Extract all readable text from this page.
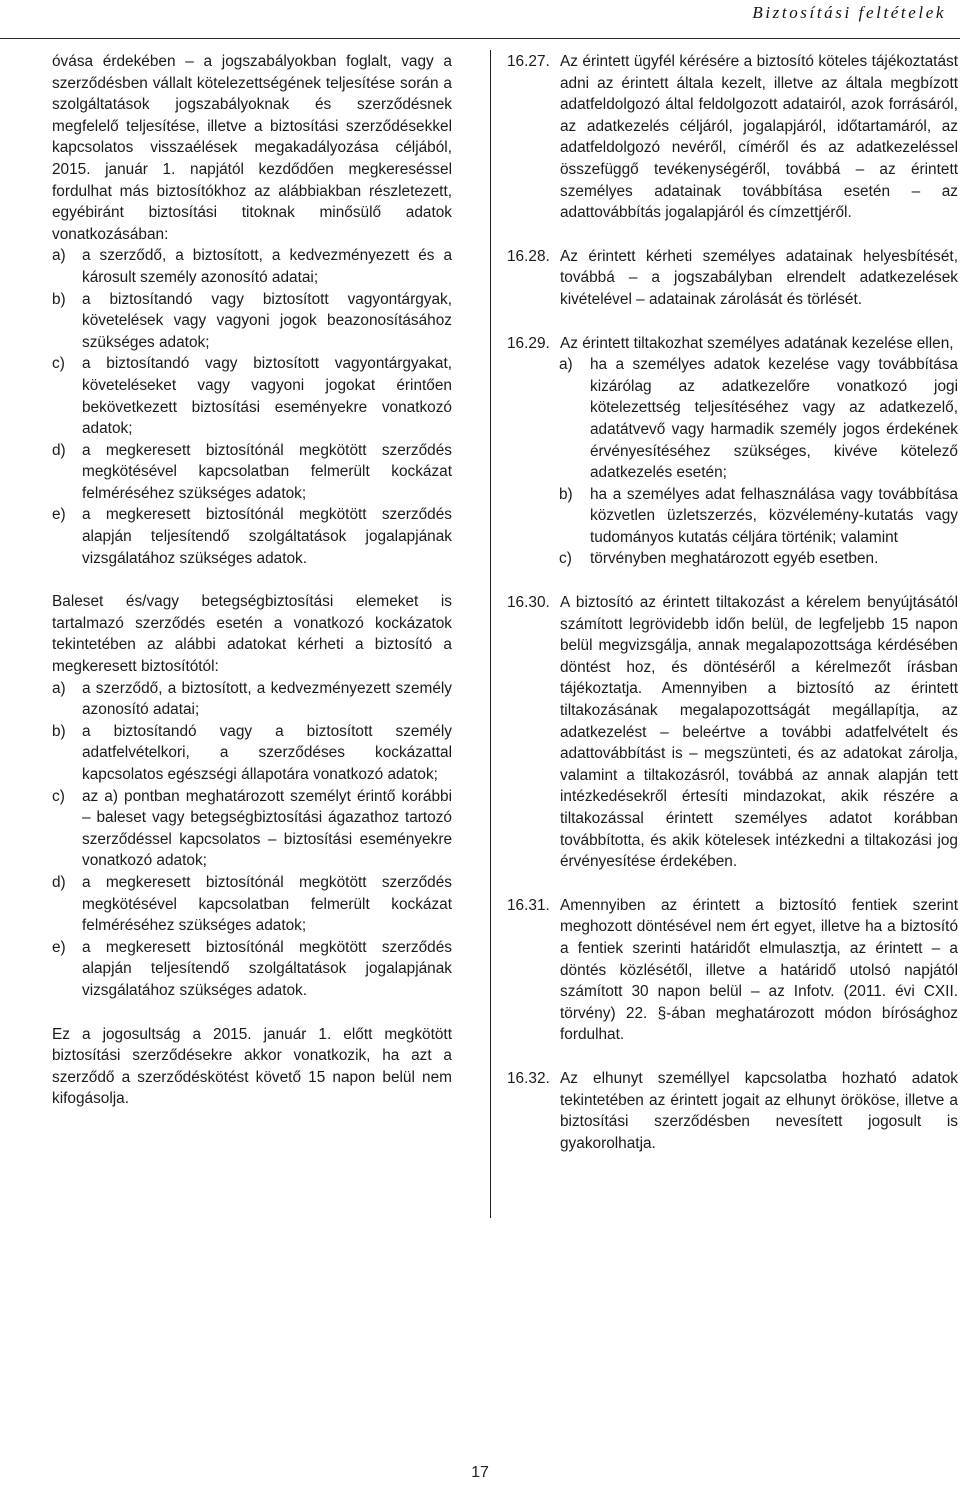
Biztosítási feltételek

óvása érdekében – a jogszabályokban foglalt, vagy a szerződésben vállalt kötelezettségének teljesítése során a szolgáltatások jogszabályoknak és szerződésnek megfelelő teljesítése, illetve a biztosítási szerződésekkel kapcsolatos visszaélések megakadályozása céljából, 2015. január 1. napjától kezdődően megkereséssel fordulhat más biztosítókhoz az alábbiakban részletezett, egyébiránt biztosítási titoknak minősülő adatok vonatkozásában:

a)	a szerződő, a biztosított, a kedvezményezett és a károsult személy azonosító adatai;
b)	a biztosítandó vagy biztosított vagyontárgyak, követelések vagy vagyoni jogok beazonosításához szükséges adatok;
c)	a biztosítandó vagy biztosított vagyontárgyakat, követeléseket vagy vagyoni jogokat érintően bekövetkezett biztosítási eseményekre vonatkozó adatok;
d)	a megkeresett biztosítónál megkötött szerződés megkötésével kapcsolatban felmerült kockázat felméréséhez szükséges adatok;
e)	a megkeresett biztosítónál megkötött szerződés alapján teljesítendő szolgáltatások jogalapjának vizsgálatához szükséges adatok.

Baleset és/vagy betegségbiztosítási elemeket is tartalmazó szerződés esetén a vonatkozó kockázatok tekintetében az alábbi adatokat kérheti a biztosító a megkeresett biztosítótól:

a)	a szerződő, a biztosított, a kedvezményezett személy azonosító adatai;
b)	a biztosítandó vagy a biztosított személy adatfelvételkori, a szerződéses kockázattal kapcsolatos egészségi állapotára vonatkozó adatok;
c)	az a) pontban meghatározott személyt érintő korábbi – baleset vagy betegségbiztosítási ágazathoz tartozó szerződéssel kapcsolatos – biztosítási eseményekre vonatkozó adatok;
d)	a megkeresett biztosítónál megkötött szerződés megkötésével kapcsolatban felmerült kockázat felméréséhez szükséges adatok;
e)	a megkeresett biztosítónál megkötött szerződés alapján teljesítendő szolgáltatások jogalapjának vizsgálatához szükséges adatok.

Ez a jogosultság a 2015. január 1. előtt megkötött biztosítási szerződésekre akkor vonatkozik, ha azt a szerződő a szerződéskötést követő 15 napon belül nem kifogásolja.

16.27. Az érintett ügyfél kérésére a biztosító köteles tájékoztatást adni az érintett általa kezelt, illetve az általa megbízott adatfeldolgozó által feldolgozott adatairól, azok forrásáról, az adatkezelés céljáról, jogalapjáról, időtartamáról, az adatfeldolgozó nevéről, címéről és az adatkezeléssel összefüggő tevékenységéről, továbbá – az érintett személyes adatainak továbbítása esetén – az adattovábbítás jogalapjáról és címzettjéről.
16.28. Az érintett kérheti személyes adatainak helyesbítését, továbbá – a jogszabályban elrendelt adatkezelések kivételével – adatainak zárolását és törlését.
16.29. Az érintett tiltakozhat személyes adatának kezelése ellen,
a)	ha a személyes adatok kezelése vagy továbbítása kizárólag az adatkezelőre vonatkozó jogi kötelezettség teljesítéséhez vagy az adatkezelő, adatátvevő vagy harmadik személy jogos érdekének érvényesítéséhez szükséges, kivéve kötelező adatkezelés esetén;
b)	ha a személyes adat felhasználása vagy továbbítása közvetlen üzletszerzés, közvélemény-kutatás vagy tudományos kutatás céljára történik; valamint
c)	törvényben meghatározott egyéb esetben.
16.30. A biztosító az érintett tiltakozást a kérelem benyújtásától számított legrövidebb időn belül, de legfeljebb 15 napon belül megvizsgálja, annak megalapozottsága kérdésében döntést hoz, és döntéséről a kérelmezőt írásban tájékoztatja. Amennyiben a biztosító az érintett tiltakozásának megalapozottságát megállapítja, az adatkezelést – beleértve a további adatfelvételt és adattovábbítást is – megszünteti, és az adatokat zárolja, valamint a tiltakozásról, továbbá az annak alapján tett intézkedésekről értesíti mindazokat, akik részére a tiltakozással érintett személyes adatot korábban továbbította, és akik kötelesek intézkedni a tiltakozási jog érvényesítése érdekében.
16.31. Amennyiben az érintett a biztosító fentiek szerint meghozott döntésével nem ért egyet, illetve ha a biztosító a fentiek szerinti határidőt elmulasztja, az érintett – a döntés közlésétől, illetve a határidő utolsó napjától számított 30 napon belül – az Infotv. (2011. évi CXII. törvény) 22. §-ában meghatározott módon bírósághoz fordulhat.
16.32. Az elhunyt személlyel kapcsolatba hozható adatok tekintetében az érintett jogait az elhunyt örököse, illetve a biztosítási szerződésben nevesített jogosult is gyakorolhatja.
17
